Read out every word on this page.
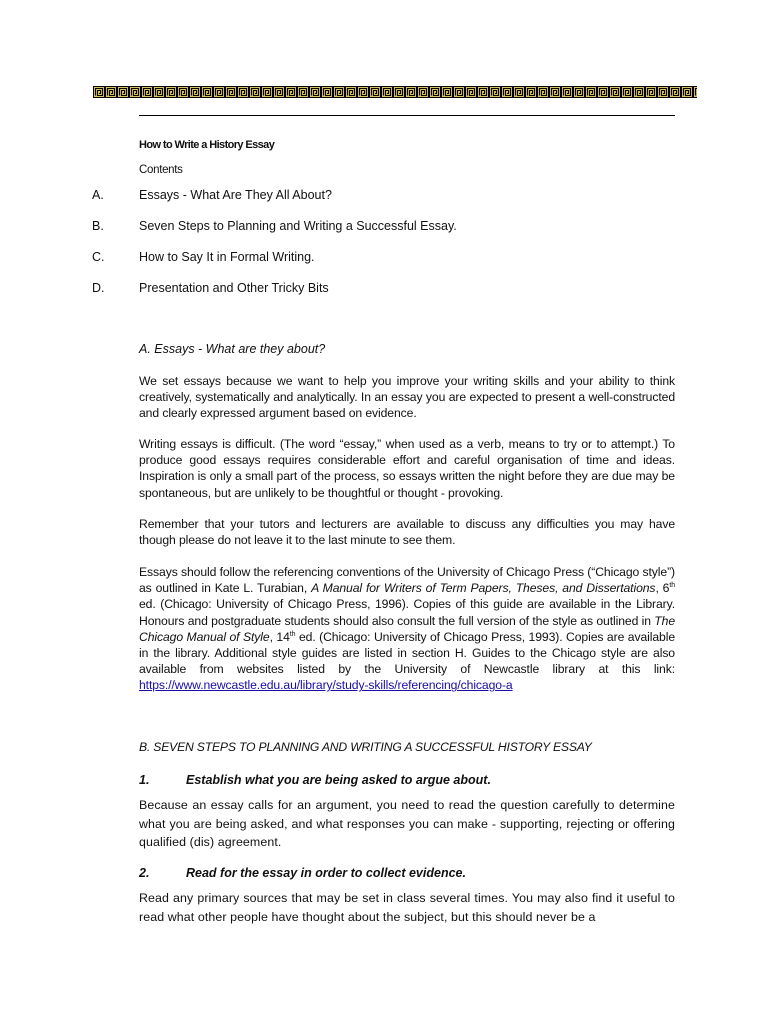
How to Write a History Essay
Contents
A.	Essays - What Are They All About?
B.	Seven Steps to Planning and Writing a Successful Essay.
C.	How to Say It in Formal Writing.
D.	Presentation and Other Tricky Bits
A. Essays - What are they about?

We set essays because we want to help you improve your writing skills and your ability to think creatively, systematically and analytically. In an essay you are expected to present a well-constructed and clearly expressed argument based on evidence.

Writing essays is difficult. (The word “essay,” when used as a verb, means to try or to attempt.) To produce good essays requires considerable effort and careful organisation of time and ideas. Inspiration is only a small part of the process, so essays written the night before they are due may be spontaneous, but are unlikely to be thoughtful or thought - provoking.

Remember that your tutors and lecturers are available to discuss any difficulties you may have though please do not leave it to the last minute to see them.

Essays should follow the referencing conventions of the University of Chicago Press (“Chicago style”) as outlined in Kate L. Turabian, A Manual for Writers of Term Papers, Theses, and Dissertations, 6th ed. (Chicago: University of Chicago Press, 1996). Copies of this guide are available in the Library. Honours and postgraduate students should also consult the full version of the style as outlined in The Chicago Manual of Style, 14th ed. (Chicago: University of Chicago Press, 1993). Copies are available in the library. Additional style guides are listed in section H. Guides to the Chicago style are also available from websites listed by the University of Newcastle library at this link: https://www.newcastle.edu.au/library/study-skills/referencing/chicago-a

B. SEVEN STEPS TO PLANNING AND WRITING A SUCCESSFUL HISTORY ESSAY
1.	Establish what you are being asked to argue about.

Because an essay calls for an argument, you need to read the question carefully to determine what you are being asked, and what responses you can make - supporting, rejecting or offering qualified (dis) agreement.

2.	Read for the essay in order to collect evidence.

Read any primary sources that may be set in class several times. You may also find it useful to read what other people have thought about the subject, but this should never be a
